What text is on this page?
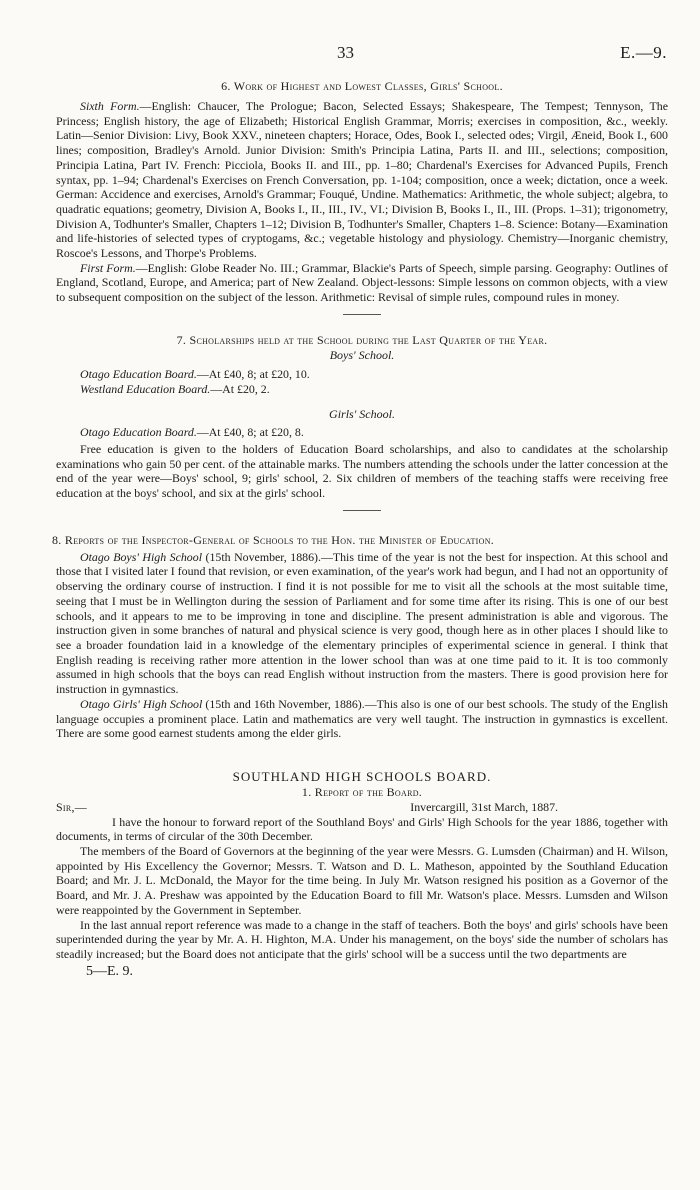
33	E.—9.
6. Work of Highest and Lowest Classes, Girls' School.

Sixth Form.—English: Chaucer, The Prologue; Bacon, Selected Essays; Shakespeare, The Tempest; Tennyson, The Princess; English history, the age of Elizabeth; Historical English Grammar, Morris; exercises in composition, &c., weekly. Latin—Senior Division: Livy, Book XXV., nineteen chapters; Horace, Odes, Book I., selected odes; Virgil, Æneid, Book I., 600 lines; composition, Bradley's Arnold. Junior Division: Smith's Principia Latina, Parts II. and III., selections; composition, Principia Latina, Part IV. French: Picciola, Books II. and III., pp. 1–80; Chardenal's Exercises for Advanced Pupils, French syntax, pp. 1–94; Chardenal's Exercises on French Conversation, pp. 1-104; composition, once a week; dictation, once a week. German: Accidence and exercises, Arnold's Grammar; Fouqué, Undine. Mathematics: Arithmetic, the whole subject; algebra, to quadratic equations; geometry, Division A, Books I., II., III., IV., VI.; Division B, Books I., II., III. (Props. 1–31); trigonometry, Division A, Todhunter's Smaller, Chapters 1–12; Division B, Todhunter's Smaller, Chapters 1–8. Science: Botany—Examination and life-histories of selected types of cryptogams, &c.; vegetable histology and physiology. Chemistry—Inorganic chemistry, Roscoe's Lessons, and Thorpe's Problems.

First Form.—English: Globe Reader No. III.; Grammar, Blackie's Parts of Speech, simple parsing. Geography: Outlines of England, Scotland, Europe, and America; part of New Zealand. Object-lessons: Simple lessons on common objects, with a view to subsequent composition on the subject of the lesson. Arithmetic: Revisal of simple rules, compound rules in money.

7. Scholarships held at the School during the Last Quarter of the Year.
Boys' School.
Otago Education Board.—At £40, 8; at £20, 10.
Westland Education Board.—At £20, 2.
Girls' School.
Otago Education Board.—At £40, 8; at £20, 8.

Free education is given to the holders of Education Board scholarships, and also to candidates at the scholarship examinations who gain 50 per cent. of the attainable marks. The numbers attending the schools under the latter concession at the end of the year were—Boys' school, 9; girls' school, 2. Six children of members of the teaching staffs were receiving free education at the boys' school, and six at the girls' school.

8. Reports of the Inspector-General of Schools to the Hon. the Minister of Education.

Otago Boys' High School (15th November, 1886).—This time of the year is not the best for inspection. At this school and those that I visited later I found that revision, or even examination, of the year's work had begun, and I had not an opportunity of observing the ordinary course of instruction. I find it is not possible for me to visit all the schools at the most suitable time, seeing that I must be in Wellington during the session of Parliament and for some time after its rising. This is one of our best schools, and it appears to me to be improving in tone and discipline. The present administration is able and vigorous. The instruction given in some branches of natural and physical science is very good, though here as in other places I should like to see a broader foundation laid in a knowledge of the elementary principles of experimental science in general. I think that English reading is receiving rather more attention in the lower school than was at one time paid to it. It is too commonly assumed in high schools that the boys can read English without instruction from the masters. There is good provision here for instruction in gymnastics.

Otago Girls' High School (15th and 16th November, 1886).—This also is one of our best schools. The study of the English language occupies a prominent place. Latin and mathematics are very well taught. The instruction in gymnastics is excellent. There are some good earnest students among the elder girls.

SOUTHLAND HIGH SCHOOLS BOARD.
1. Report of the Board.
Sir,—	Invercargill, 31st March, 1887.

I have the honour to forward report of the Southland Boys' and Girls' High Schools for the year 1886, together with documents, in terms of circular of the 30th December.

The members of the Board of Governors at the beginning of the year were Messrs. G. Lumsden (Chairman) and H. Wilson, appointed by His Excellency the Governor; Messrs. T. Watson and D. L. Matheson, appointed by the Southland Education Board; and Mr. J. L. McDonald, the Mayor for the time being. In July Mr. Watson resigned his position as a Governor of the Board, and Mr. J. A. Preshaw was appointed by the Education Board to fill Mr. Watson's place. Messrs. Lumsden and Wilson were reappointed by the Government in September.

In the last annual report reference was made to a change in the staff of teachers. Both the boys' and girls' schools have been superintended during the year by Mr. A. H. Highton, M.A. Under his management, on the boys' side the number of scholars has steadily increased; but the Board does not anticipate that the girls' school will be a success until the two departments are

5—E. 9.
